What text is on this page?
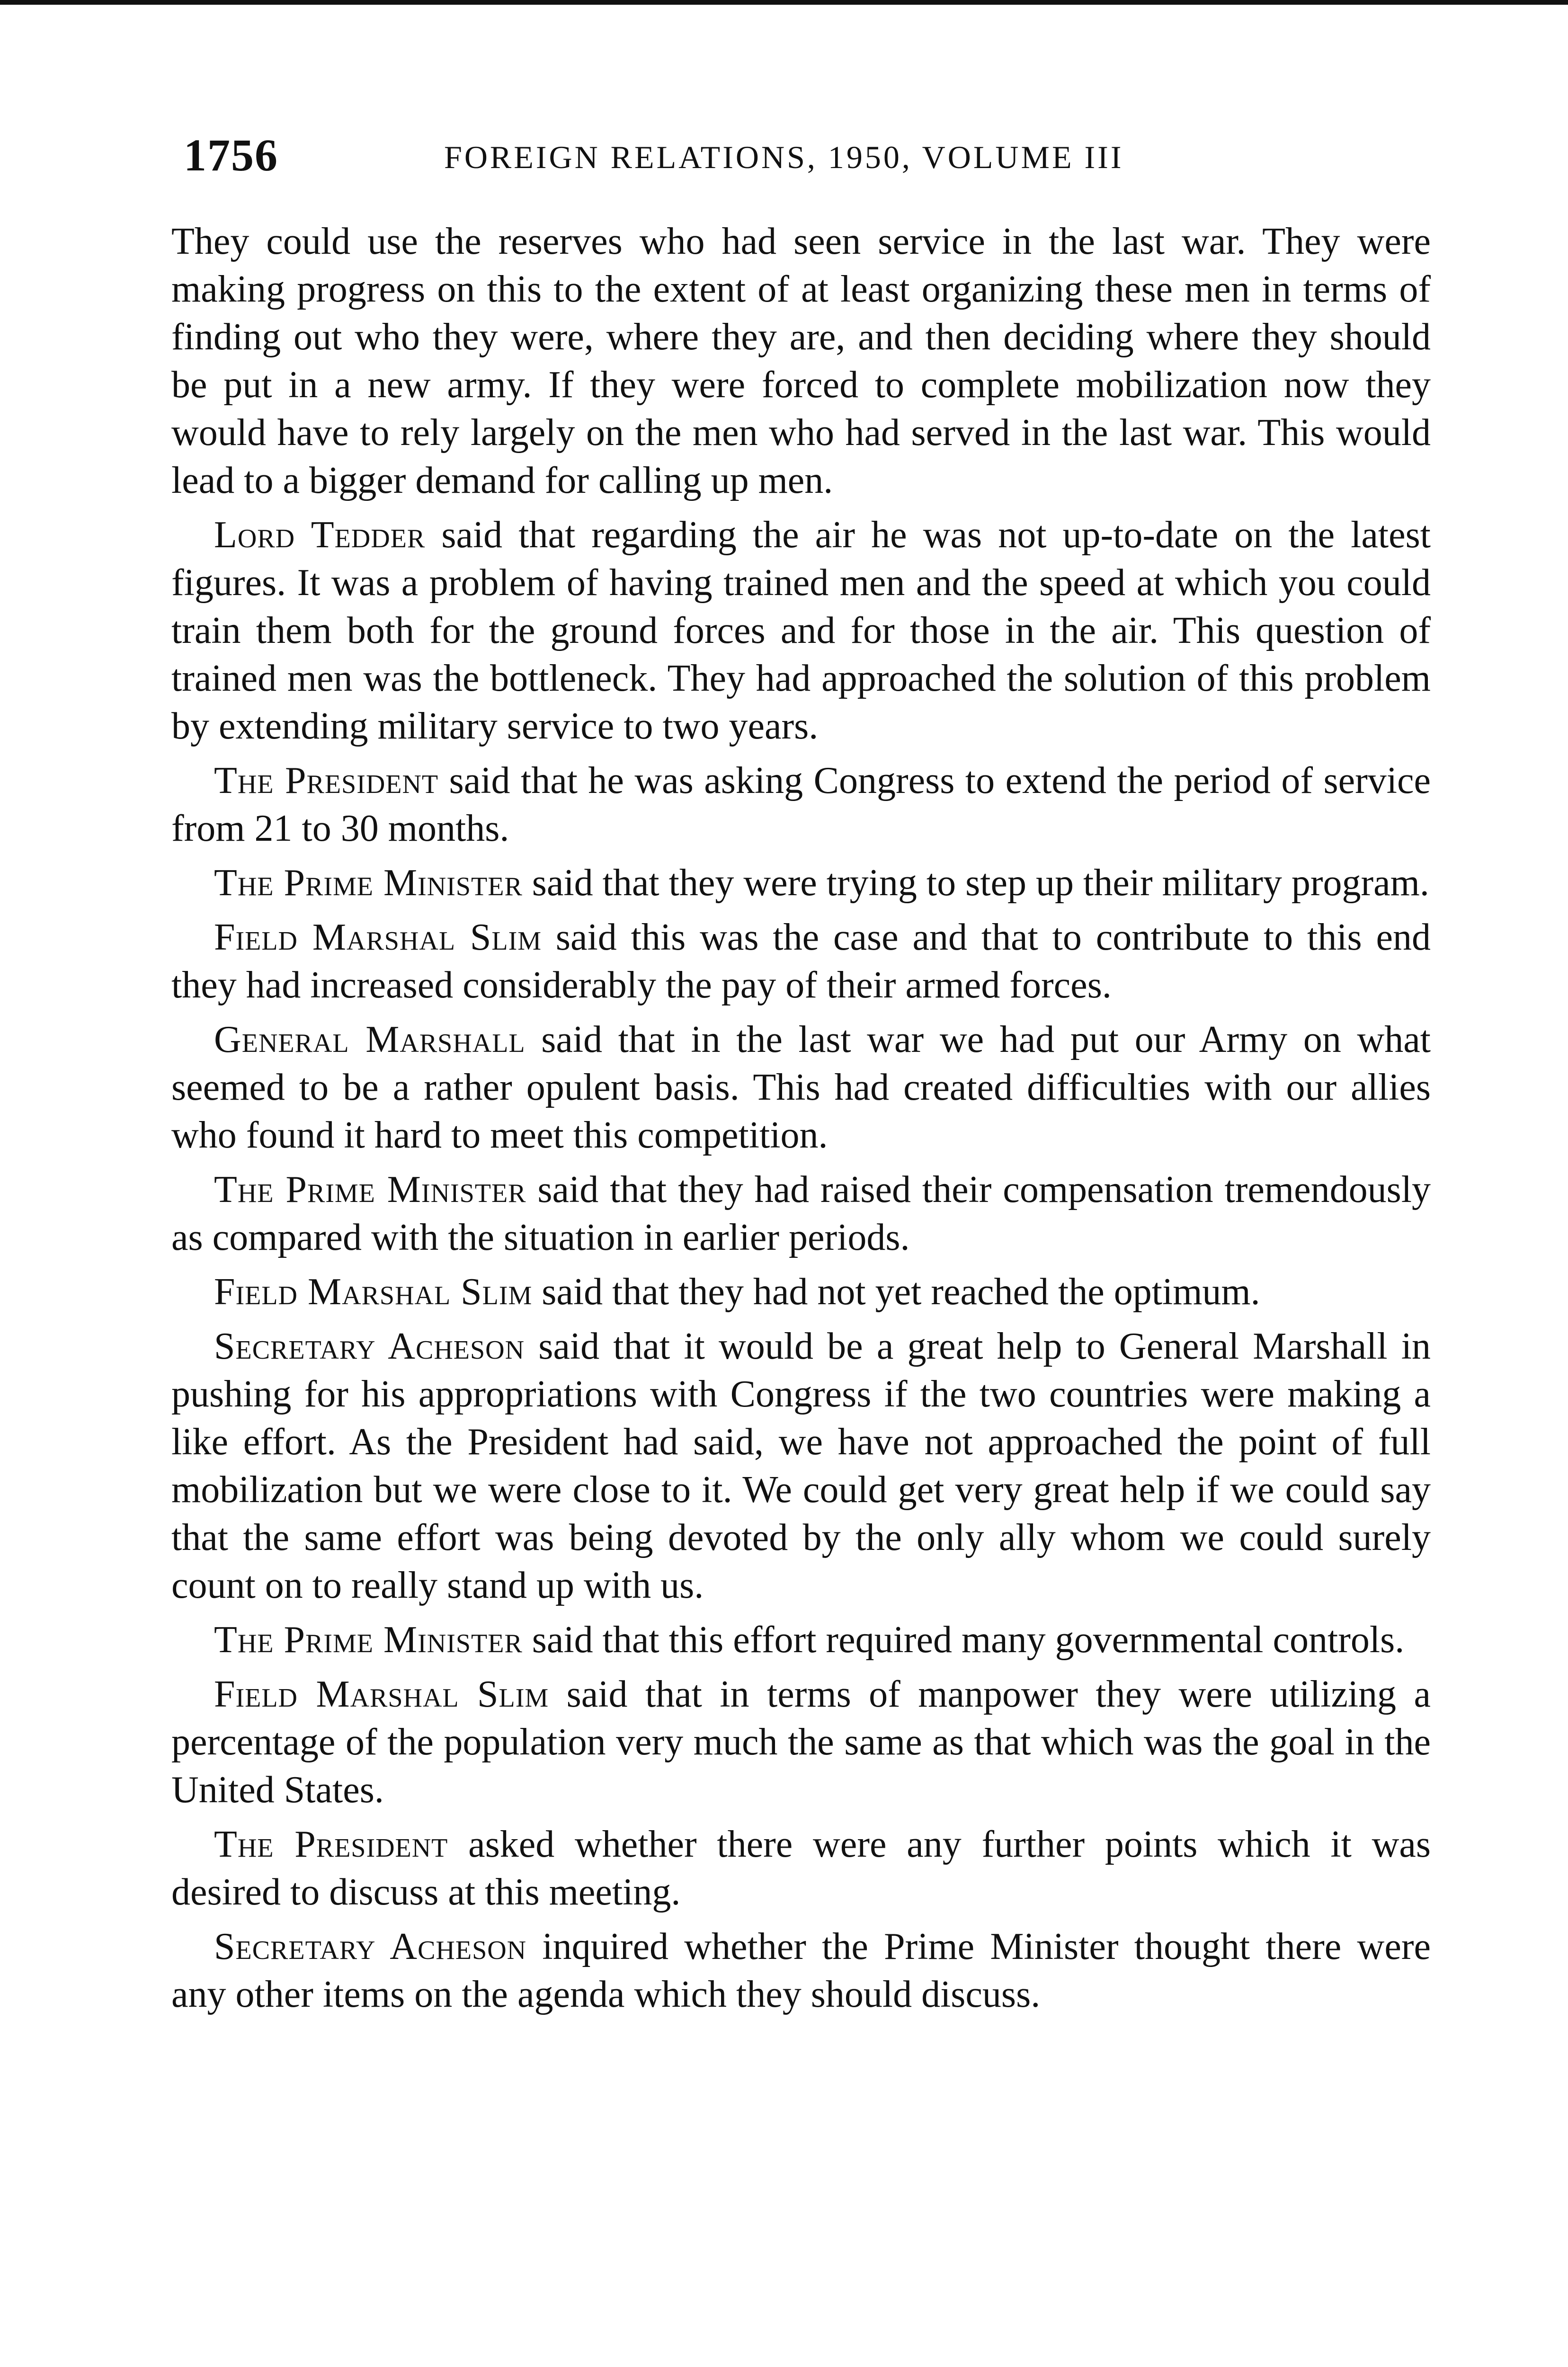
1756	FOREIGN RELATIONS, 1950, VOLUME III

They could use the reserves who had seen service in the last war. They were making progress on this to the extent of at least organizing these men in terms of finding out who they were, where they are, and then deciding where they should be put in a new army. If they were forced to complete mobilization now they would have to rely largely on the men who had served in the last war. This would lead to a bigger demand for calling up men.

Lord Tedder said that regarding the air he was not up-to-date on the latest figures. It was a problem of having trained men and the speed at which you could train them both for the ground forces and for those in the air. This question of trained men was the bottleneck. They had approached the solution of this problem by extending military service to two years.

The President said that he was asking Congress to extend the period of service from 21 to 30 months.

The Prime Minister said that they were trying to step up their military program.

Field Marshal Slim said this was the case and that to contribute to this end they had increased considerably the pay of their armed forces.

General Marshall said that in the last war we had put our Army on what seemed to be a rather opulent basis. This had created difficulties with our allies who found it hard to meet this competition.

The Prime Minister said that they had raised their compensation tremendously as compared with the situation in earlier periods.

Field Marshal Slim said that they had not yet reached the optimum.

Secretary Acheson said that it would be a great help to General Marshall in pushing for his appropriations with Congress if the two countries were making a like effort. As the President had said, we have not approached the point of full mobilization but we were close to it. We could get very great help if we could say that the same effort was being devoted by the only ally whom we could surely count on to really stand up with us.

The Prime Minister said that this effort required many governmental controls.

Field Marshal Slim said that in terms of manpower they were utilizing a percentage of the population very much the same as that which was the goal in the United States.

The President asked whether there were any further points which it was desired to discuss at this meeting.

Secretary Acheson inquired whether the Prime Minister thought there were any other items on the agenda which they should discuss.
